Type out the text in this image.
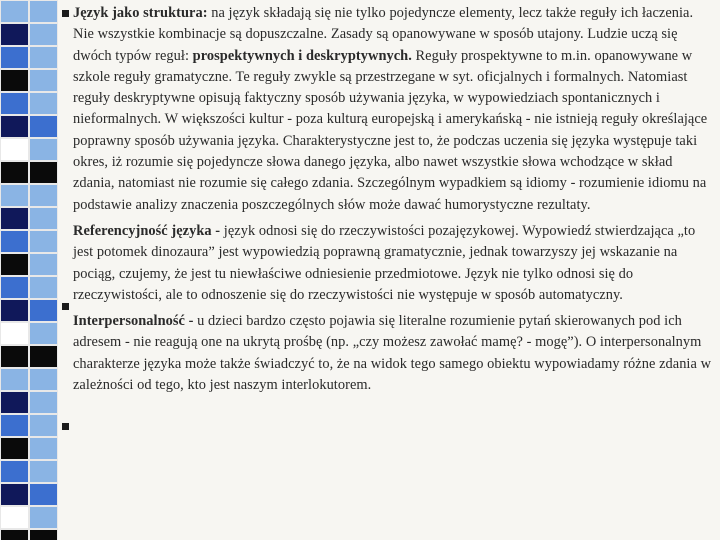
Język jako struktura: na język składają się nie tylko pojedyncze elementy, lecz także reguły ich łaczenia. Nie wszystkie kombinacje są dopuszczalne. Zasady są opanowywane w sposób utajony. Ludzie uczą się dwóch typów reguł: prospektywnych i deskryptywnych. Reguły prospektywne to m.in. opanowywane w szkole reguły gramatyczne. Te reguły zwykle są przestrzegane w syt. oficjalnych i formalnych. Natomiast reguły deskryptywne opisują faktyczny sposób używania języka, w wypowiedziach spontanicznych i nieformalnych. W większości kultur - poza kulturą europejską i amerykańską - nie istnieją reguły określające poprawny sposób używania języka. Charakterystyczne jest to, że podczas uczenia się języka występuje taki okres, iż rozumie się pojedyncze słowa danego języka, albo nawet wszystkie słowa wchodzące w skład zdania, natomiast nie rozumie się całego zdania. Szczególnym wypadkiem są idiomy - rozumienie idiomu na podstawie analizy znaczenia poszczególnych słów może dawać humorystyczne rezultaty.

Referencyjność języka - język odnosi się do rzeczywistości pozajęzykowej. Wypowiedź stwierdzająca „to jest potomek dinozaura” jest wypowiedzią poprawną gramatycznie, jednak towarzyszy jej wskazanie na pociąg, czujemy, że jest tu niewłaściwe odniesienie przedmiotowe. Język nie tylko odnosi się do rzeczywistości, ale to odnoszenie się do rzeczywistości nie występuje w sposób automatyczny.

Interpersonalność - u dzieci bardzo często pojawia się literalne rozumienie pytań skierowanych pod ich adresem - nie reagują one na ukrytą prośbę (np. „czy możesz zawołać mamę? - mogę”). O interpersonalnym charakterze języka może także świadczyć to, że na widok tego samego obiektu wypowiadamy różne zdania w zależności od tego, kto jest naszym interlokutorem.
